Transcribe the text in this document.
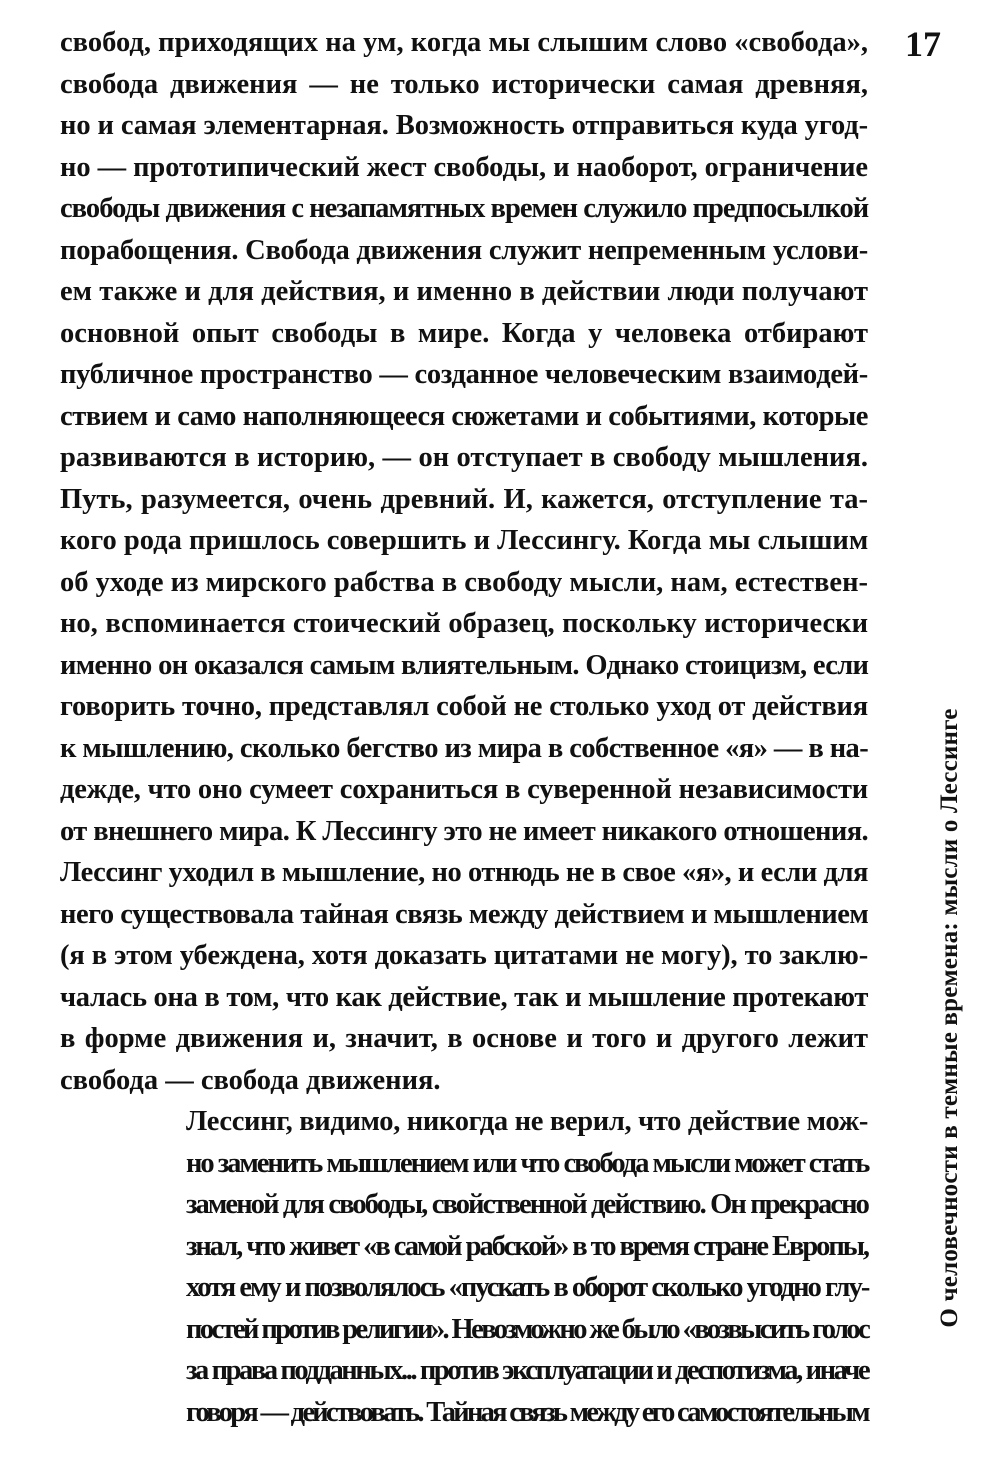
17
О человечности в темные времена: мысли о Лессинге

свобод, приходящих на ум, когда мы слышим слово «свобода»,
свобода движения — не только исторически самая древняя,
но и самая элементарная. Возможность отправиться куда угод-
но — прототипический жест свободы, и наоборот, ограничение
свободы движения с незапамятных времен служило предпосылкой
порабощения. Свобода движения служит непременным услови-
ем также и для действия, и именно в действии люди получают
основной опыт свободы в мире. Когда у человека отбирают
публичное пространство — созданное человеческим взаимодей-
ствием и само наполняющееся сюжетами и событиями, которые
развиваются в историю, — он отступает в свободу мышления.
Путь, разумеется, очень древний. И, кажется, отступление та-
кого рода пришлось совершить и Лессингу. Когда мы слышим
об уходе из мирского рабства в свободу мысли, нам, естествен-
но, вспоминается стоический образец, поскольку исторически
именно он оказался самым влиятельным. Однако стоицизм, если
говорить точно, представлял собой не столько уход от действия
к мышлению, сколько бегство из мира в собственное «я» — в на-
дежде, что оно сумеет сохраниться в суверенной независимости
от внешнего мира. К Лессингу это не имеет никакого отношения.
Лессинг уходил в мышление, но отнюдь не в свое «я», и если для
него существовала тайная связь между действием и мышлением
(я в этом убеждена, хотя доказать цитатами не могу), то заклю-
чалась она в том, что как действие, так и мышление протекают
в форме движения и, значит, в основе и того и другого лежит
свобода — свобода движения.

Лессинг, видимо, никогда не верил, что действие мож-
но заменить мышлением или что свобода мысли может стать
заменой для свободы, свойственной действию. Он прекрасно
знал, что живет «в самой рабской» в то время стране Европы,
хотя ему и позволялось «пускать в оборот сколько угодно глу-
постей против религии». Невозможно же было «возвысить голос
за права подданных... против эксплуатации и деспотизма, иначе
говоря — действовать. Тайная связь между его самостоятельным
